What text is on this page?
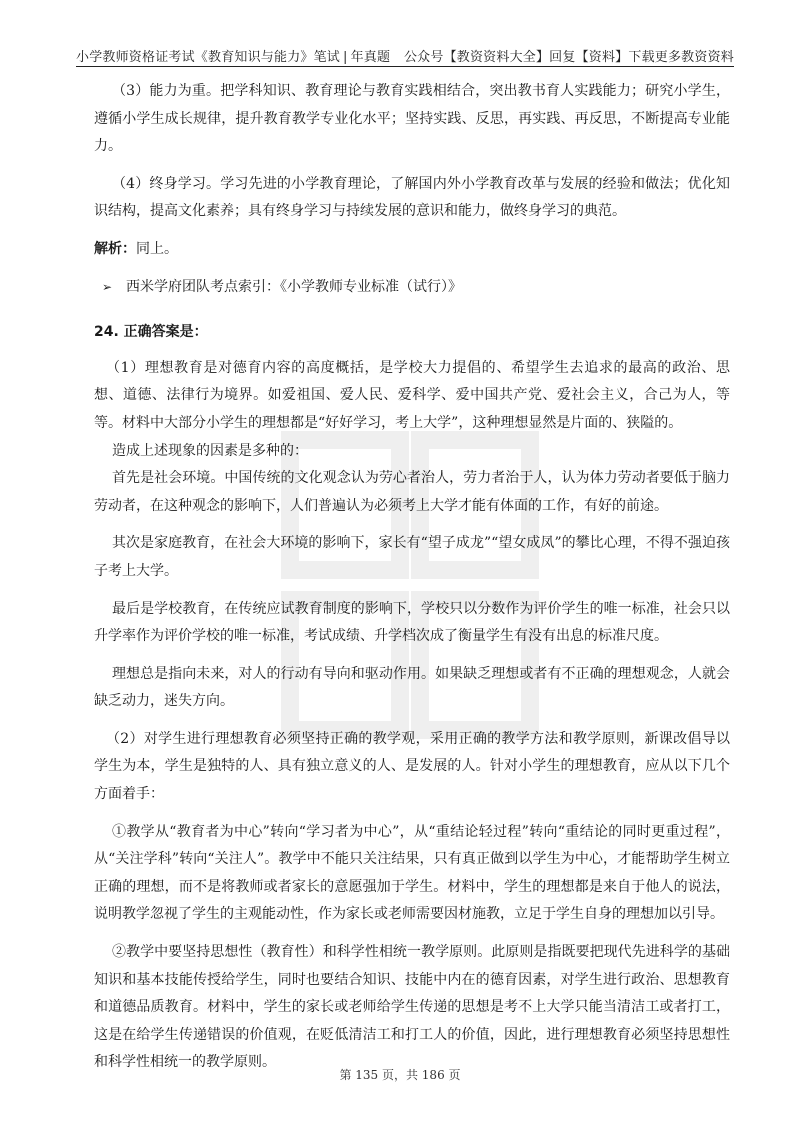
小学教师资格证考试《教育知识与能力》笔试 | 年真题 公众号【教资资料大全】回复【资料】下载更多教资资料

（3）能力为重。把学科知识、教育理论与教育实践相结合，突出教书育人实践能力；研究小学生，遵循小学生成长规律，提升教育教学专业化水平；坚持实践、反思，再实践、再反思，不断提高专业能力。

（4）终身学习。学习先进的小学教育理论，了解国内外小学教育改革与发展的经验和做法；优化知识结构，提高文化素养；具有终身学习与持续发展的意识和能力，做终身学习的典范。

解析：同上。

➢ 西米学府团队考点索引：《小学教师专业标准（试行）》

24. 正确答案是：

（1）理想教育是对德育内容的高度概括，是学校大力提倡的、希望学生去追求的最高的政治、思想、道德、法律行为境界。如爱祖国、爱人民、爱科学、爱中国共产党、爱社会主义，合己为人，等等。材料中大部分小学生的理想都是“好好学习，考上大学”，这种理想显然是片面的、狭隘的。

造成上述现象的因素是多种的：

首先是社会环境。中国传统的文化观念认为劳心者治人，劳力者治于人，认为体力劳动者要低于脑力劳动者，在这种观念的影响下，人们普遍认为必须考上大学才能有体面的工作，有好的前途。

其次是家庭教育，在社会大环境的影响下，家长有“望子成龙”“望女成凤”的攀比心理，不得不强迫孩子考上大学。

最后是学校教育，在传统应试教育制度的影响下，学校只以分数作为评价学生的唯一标准，社会只以升学率作为评价学校的唯一标准，考试成绩、升学档次成了衡量学生有没有出息的标准尺度。

理想总是指向未来，对人的行动有导向和驱动作用。如果缺乏理想或者有不正确的理想观念，人就会缺乏动力，迷失方向。

（2）对学生进行理想教育必须坚持正确的教学观，采用正确的教学方法和教学原则，新课改倡导以学生为本，学生是独特的人、具有独立意义的人、是发展的人。针对小学生的理想教育，应从以下几个方面着手：

①教学从“教育者为中心”转向“学习者为中心”，从“重结论轻过程”转向“重结论的同时更重过程”，从“关注学科”转向“关注人”。教学中不能只关注结果，只有真正做到以学生为中心，才能帮助学生树立正确的理想，而不是将教师或者家长的意愿强加于学生。材料中，学生的理想都是来自于他人的说法，说明教学忽视了学生的主观能动性，作为家长或老师需要因材施教，立足于学生自身的理想加以引导。

②教学中要坚持思想性（教育性）和科学性相统一教学原则。此原则是指既要把现代先进科学的基础知识和基本技能传授给学生，同时也要结合知识、技能中内在的德育因素，对学生进行政治、思想教育和道德品质教育。材料中，学生的家长或老师给学生传递的思想是考不上大学只能当清洁工或者打工，这是在给学生传递错误的价值观，在贬低清洁工和打工人的价值，因此，进行理想教育必须坚持思想性和科学性相统一的教学原则。

第 135 页，共 186 页
